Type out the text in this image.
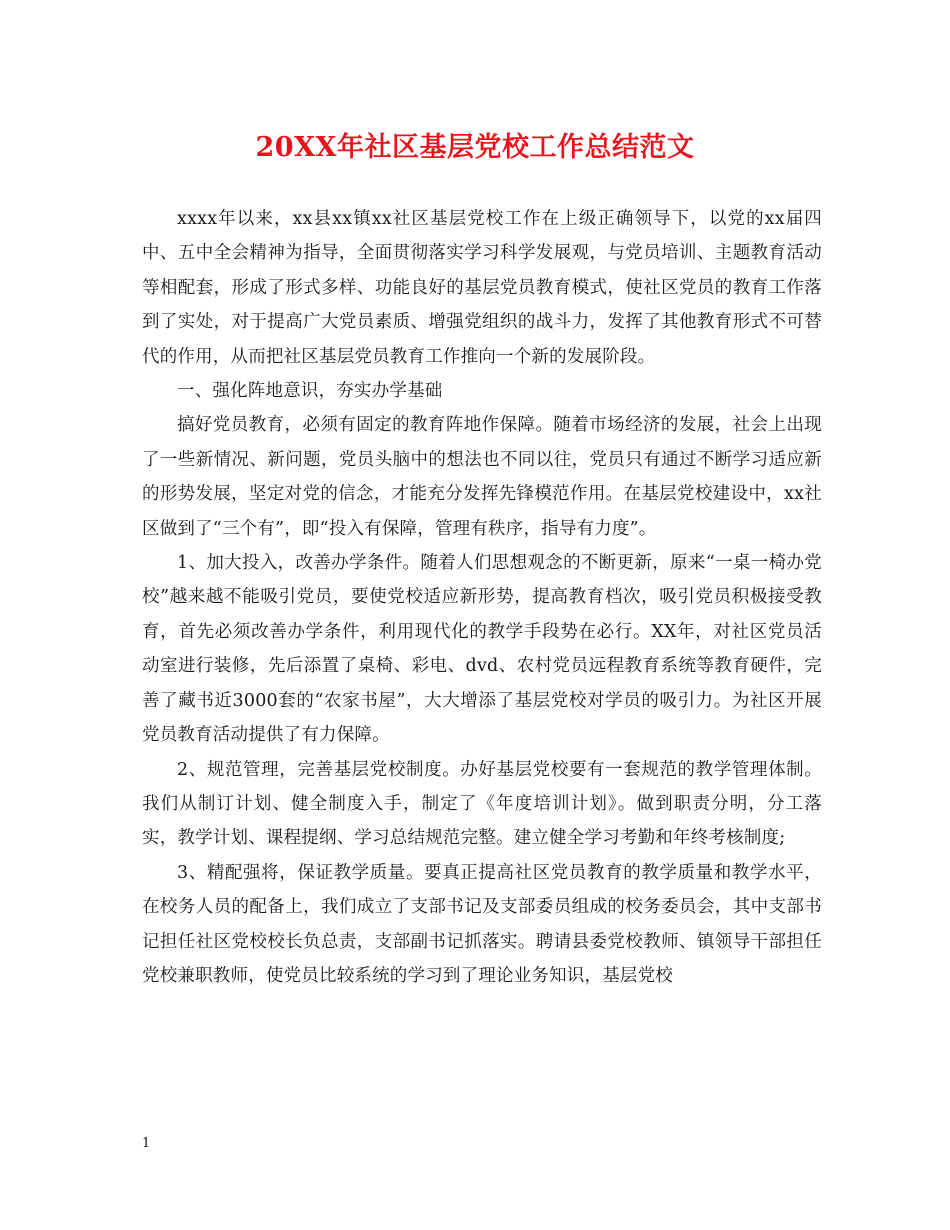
20XX年社区基层党校工作总结范文

xxxx年以来，xx县xx镇xx社区基层党校工作在上级正确领导下，以党的xx届四中、五中全会精神为指导，全面贯彻落实学习科学发展观，与党员培训、主题教育活动等相配套，形成了形式多样、功能良好的基层党员教育模式，使社区党员的教育工作落到了实处，对于提高广大党员素质、增强党组织的战斗力，发挥了其他教育形式不可替代的作用，从而把社区基层党员教育工作推向一个新的发展阶段。

一、强化阵地意识，夯实办学基础

搞好党员教育，必须有固定的教育阵地作保障。随着市场经济的发展，社会上出现了一些新情况、新问题，党员头脑中的想法也不同以往，党员只有通过不断学习适应新的形势发展，坚定对党的信念，才能充分发挥先锋模范作用。在基层党校建设中，xx社区做到了“三个有”，即“投入有保障，管理有秩序，指导有力度”。

1、加大投入，改善办学条件。随着人们思想观念的不断更新，原来“一桌一椅办党校”越来越不能吸引党员，要使党校适应新形势，提高教育档次，吸引党员积极接受教育，首先必须改善办学条件，利用现代化的教学手段势在必行。XX年，对社区党员活动室进行装修，先后添置了桌椅、彩电、dvd、农村党员远程教育系统等教育硬件，完善了藏书近3000套的“农家书屋”，大大增添了基层党校对学员的吸引力。为社区开展党员教育活动提供了有力保障。

2、规范管理，完善基层党校制度。办好基层党校要有一套规范的教学管理体制。我们从制订计划、健全制度入手，制定了《年度培训计划》。做到职责分明，分工落实，教学计划、课程提纲、学习总结规范完整。建立健全学习考勤和年终考核制度;

3、精配强将，保证教学质量。要真正提高社区党员教育的教学质量和教学水平，在校务人员的配备上，我们成立了支部书记及支部委员组成的校务委员会，其中支部书记担任社区党校校长负总责，支部副书记抓落实。聘请县委党校教师、镇领导干部担任党校兼职教师，使党员比较系统的学习到了理论业务知识，基层党校

1
